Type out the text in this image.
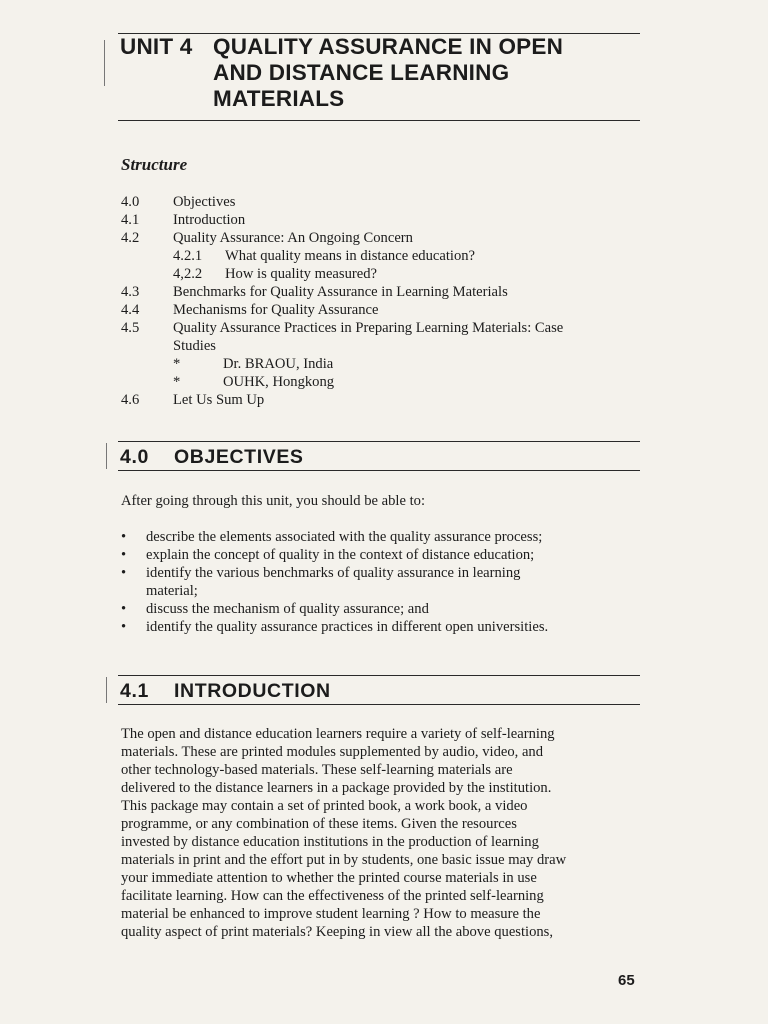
UNIT 4 QUALITY ASSURANCE IN OPEN
AND DISTANCE LEARNING
MATERIALS
Structure
4.0 Objectives
4.1 Introduction
4.2 Quality Assurance: An Ongoing Concern
4.2.1 What quality means in distance education?
4,2.2 How is quality measured?
4.3 Benchmarks for Quality Assurance in Learning Materials
4.4 Mechanisms for Quality Assurance
4.5 Quality Assurance Practices in Preparing Learning Materials: Case
Studies
*	Dr. BRAOU, India
*	OUHK, Hongkong
4.6 Let Us Sum Up
4.0 OBJECTIVES
After going through this unit, you should be able to:
• describe the elements associated with the quality assurance process;
• explain the concept of quality in the context of distance education;
• identify the various benchmarks of quality assurance in learning
material;
• discuss the mechanism of quality assurance; and
• identify the quality assurance practices in different open universities.
4.1 INTRODUCTION
The open and distance education learners require a variety of self-learning
materials. These are printed modules supplemented by audio, video, and
other technology-based materials. These self-learning materials are
delivered to the distance learners in a package provided by the institution.
This package may contain a set of printed book, a work book, a video
programme, or any combination of these items. Given the resources
invested by distance education institutions in the production of learning
materials in print and the effort put in by students, one basic issue may draw
your immediate attention to whether the printed course materials in use
facilitate learning. How can the effectiveness of the printed self-learning
material be enhanced to improve student learning ? How to measure the
quality aspect of print materials? Keeping in view all the above questions,
65
